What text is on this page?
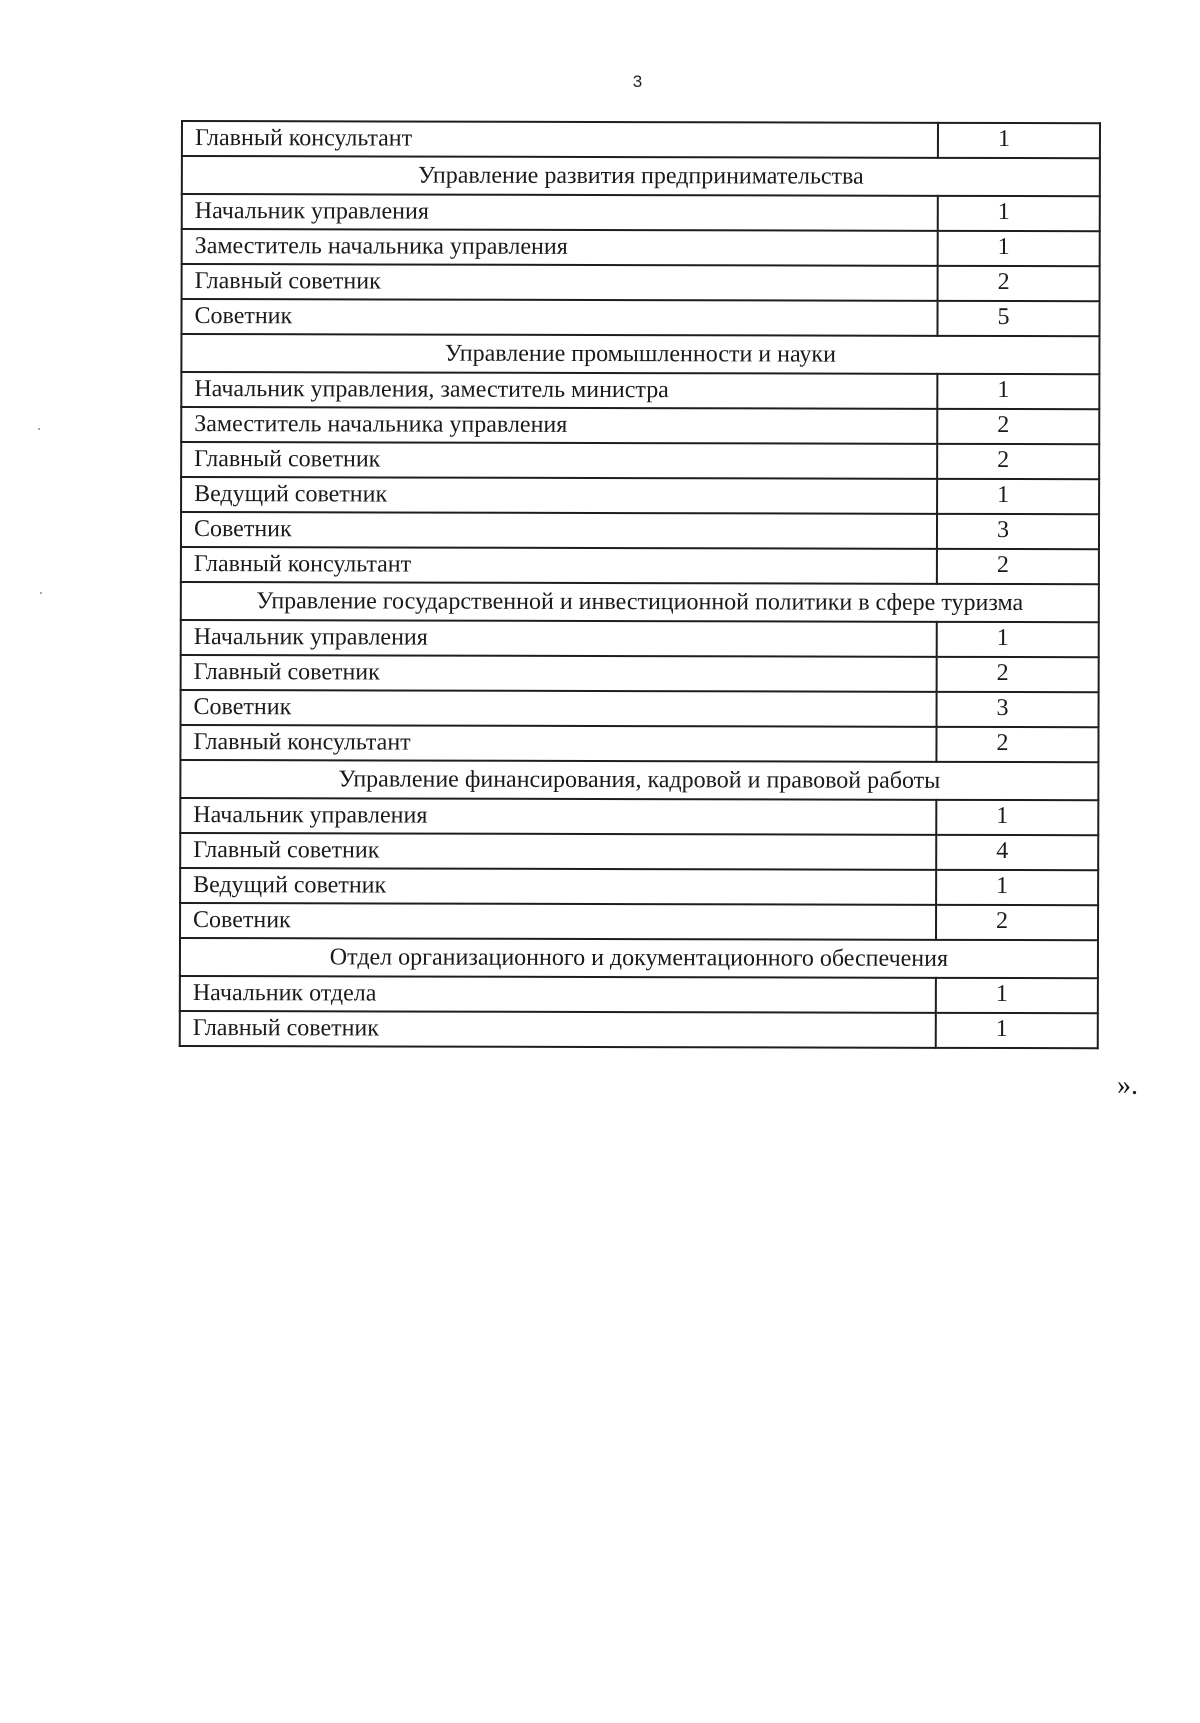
3
Главный консультант	1
Управление развития предпринимательства	
Начальник управления	1
Заместитель начальника управления	1
Главный советник	2
Советник	5
Управление промышленности и науки	
Начальник управления, заместитель министра	1
Заместитель начальника управления	2
Главный советник	2
Ведущий советник	1
Советник	3
Главный консультант	2
Управление государственной и инвестиционной политики в сфере туризма	
Начальник управления	1
Главный советник	2
Советник	3
Главный консультант	2
Управление финансирования, кадровой и правовой работы	
Начальник управления	1
Главный советник	4
Ведущий советник	1
Советник	2
Отдел организационного и документационного обеспечения	
Начальник отдела	1
Главный советник	1
».
